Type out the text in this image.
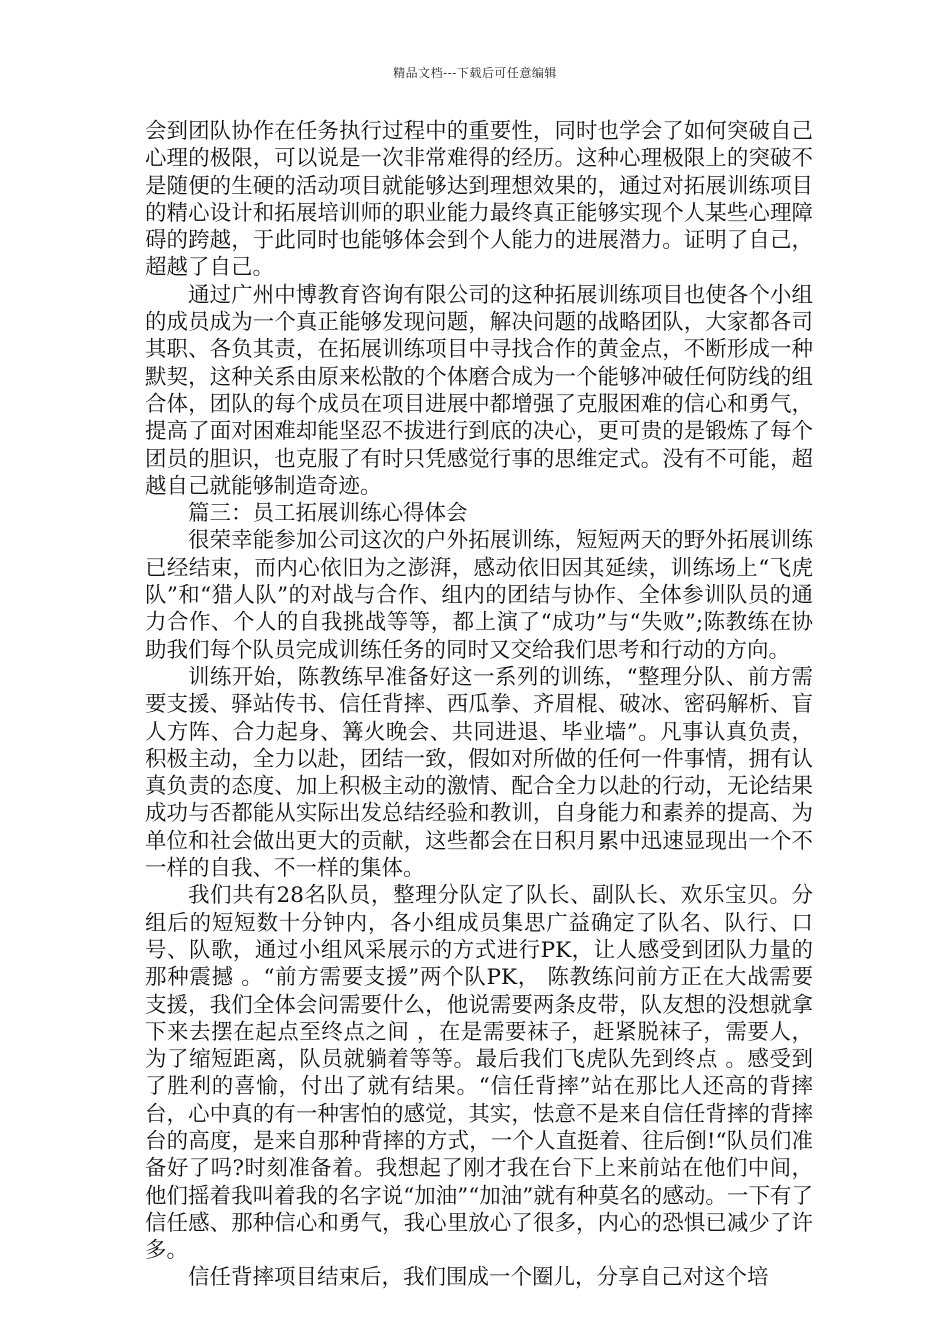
精品文档---下载后可任意编辑

会到团队协作在任务执行过程中的重要性，同时也学会了如何突破自己心理的极限，可以说是一次非常难得的经历。这种心理极限上的突破不是随便的生硬的活动项目就能够达到理想效果的，通过对拓展训练项目的精心设计和拓展培训师的职业能力最终真正能够实现个人某些心理障碍的跨越，于此同时也能够体会到个人能力的进展潜力。证明了自己，超越了自己。

通过广州中博教育咨询有限公司的这种拓展训练项目也使各个小组的成员成为一个真正能够发现问题，解决问题的战略团队，大家都各司其职、各负其责，在拓展训练项目中寻找合作的黄金点，不断形成一种默契，这种关系由原来松散的个体磨合成为一个能够冲破任何防线的组合体，团队的每个成员在项目进展中都增强了克服困难的信心和勇气，提高了面对困难却能坚忍不拔进行到底的决心，更可贵的是锻炼了每个团员的胆识，也克服了有时只凭感觉行事的思维定式。没有不可能，超越自己就能够制造奇迹。

篇三：员工拓展训练心得体会

很荣幸能参加公司这次的户外拓展训练，短短两天的野外拓展训练已经结束，而内心依旧为之澎湃，感动依旧因其延续，训练场上“飞虎队”和“猎人队”的对战与合作、组内的团结与协作、全体参训队员的通力合作、个人的自我挑战等等，都上演了“成功”与“失败”;陈教练在协助我们每个队员完成训练任务的同时又交给我们思考和行动的方向。

训练开始，陈教练早准备好这一系列的训练，“整理分队、前方需要支援、驿站传书、信任背摔、西瓜拳、齐眉棍、破冰、密码解析、盲人方阵、合力起身、篝火晚会、共同进退、毕业墙”。凡事认真负责，积极主动，全力以赴，团结一致，假如对所做的任何一件事情，拥有认真负责的态度、加上积极主动的激情、配合全力以赴的行动，无论结果成功与否都能从实际出发总结经验和教训，自身能力和素养的提高、为单位和社会做出更大的贡献，这些都会在日积月累中迅速显现出一个不一样的自我、不一样的集体。

我们共有28名队员，整理分队定了队长、副队长、欢乐宝贝。分组后的短短数十分钟内，各小组成员集思广益确定了队名、队行、口号、队歌，通过小组风采展示的方式进行PK，让人感受到团队力量的那种震撼 。“前方需要支援”两个队PK， 陈教练问前方正在大战需要支援，我们全体会问需要什么，他说需要两条皮带，队友想的没想就拿下来去摆在起点至终点之间 ，在是需要袜子，赶紧脱袜子，需要人，为了缩短距离，队员就躺着等等。最后我们飞虎队先到终点 。感受到了胜利的喜愉，付出了就有结果。“信任背摔”站在那比人还高的背摔台，心中真的有一种害怕的感觉，其实，怯意不是来自信任背摔的背摔台的高度，是来自那种背摔的方式，一个人直挺着、往后倒!“队员们准备好了吗?时刻准备着。我想起了刚才我在台下上来前站在他们中间，他们摇着我叫着我的名字说“加油”“加油”就有种莫名的感动。一下有了信任感、那种信心和勇气，我心里放心了很多，内心的恐惧已减少了许多。

信任背摔项目结束后，我们围成一个圈儿，分享自己对这个培
